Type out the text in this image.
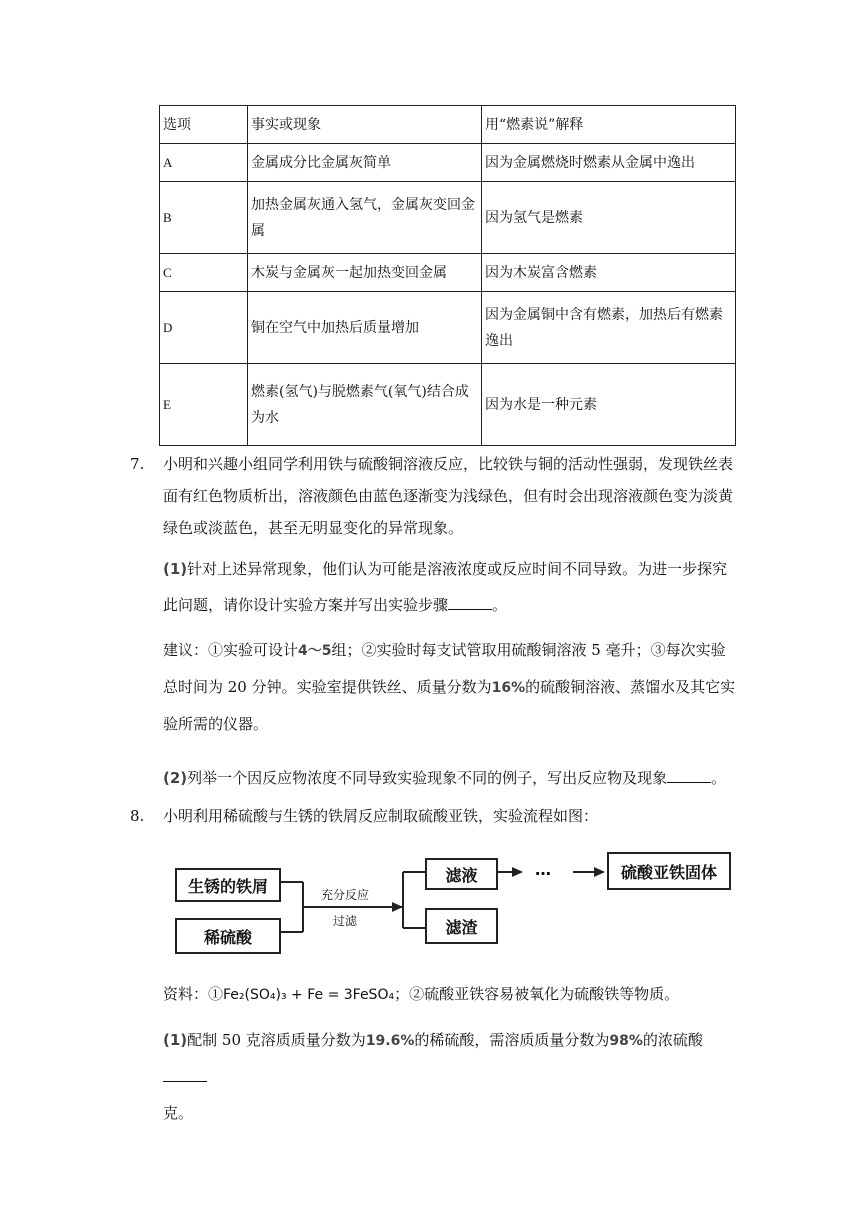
选项	事实或现象	用“燃素说”解释
A	金属成分比金属灰简单	因为金属燃烧时燃素从金属中逸出
B	加热金属灰通入氢气，金属灰变回金属	因为氢气是燃素
C	木炭与金属灰一起加热变回金属	因为木炭富含燃素
D	铜在空气中加热后质量增加	因为金属铜中含有燃素，加热后有燃素逸出
E	燃素(氢气)与脱燃素气(氧气)结合成为水	因为水是一种元素
7.	小明和兴趣小组同学利用铁与硫酸铜溶液反应，比较铁与铜的活动性强弱，发现铁丝表面有红色物质析出，溶液颜色由蓝色逐渐变为浅绿色，但有时会出现溶液颜色变为淡黄绿色或淡蓝色，甚至无明显变化的异常现象。
(1)针对上述异常现象，他们认为可能是溶液浓度或反应时间不同导致。为进一步探究此问题，请你设计实验方案并写出实验步骤	。
建议：①实验可设计4～5组；②实验时每支试管取用硫酸铜溶液 5 毫升；③每次实验总时间为 20 分钟。实验室提供铁丝、质量分数为16%的硫酸铜溶液、蒸馏水及其它实验所需的仪器。
(2)列举一个因反应物浓度不同导致实验现象不同的例子，写出反应物及现象	。
8.	小明利用稀硫酸与生锈的铁屑反应制取硫酸亚铁，实验流程如图：
生锈的铁屑
稀硫酸
充分反应
过滤
滤液
滤渣
…	硫酸亚铁固体
资料：①Fe₂(SO₄)₃ + Fe = 3FeSO₄；②硫酸亚铁容易被氧化为硫酸铁等物质。
(1)配制 50 克溶质质量分数为19.6%的稀硫酸，需溶质质量分数为98%的浓硫酸
克。
